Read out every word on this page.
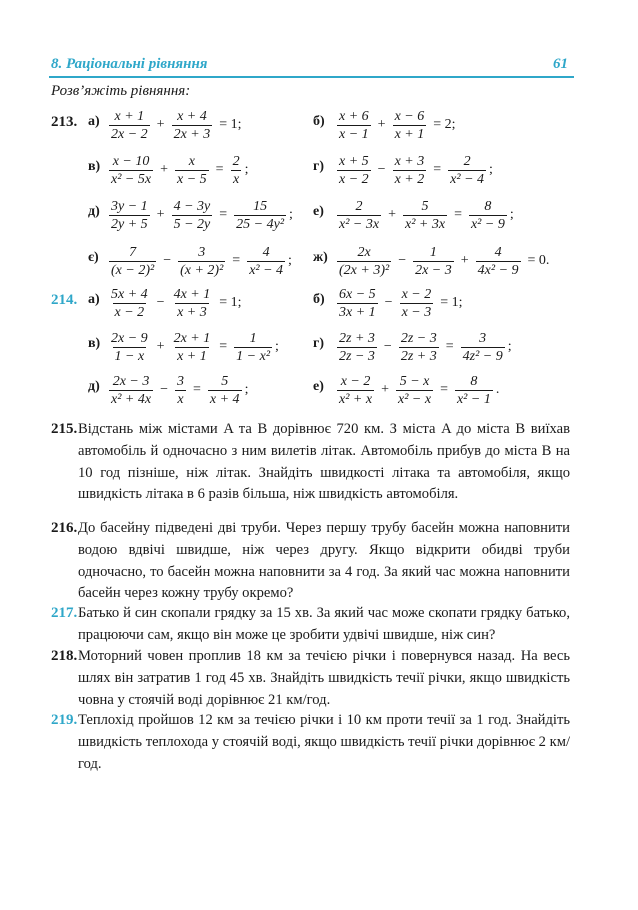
8. Раціональні рівняння	61
Розв’яжіть рівняння:
213. $а) \frac{x + 1}{2x - 2} + \frac{x + 4}{2x + 3} = 1$;	$б) \frac{x + 6}{x - 1} + \frac{x - 6}{x + 1} = 2$;
$в) \frac{x - 10}{\text{x² − 5x}} + \frac{x}{x - 5} = \frac{2}{x}$ ;	$г) \frac{x + 5}{x - 2} - \frac{x + 3}{x + 2} = \frac{2}{\text{x² − 4}}$ ;
$д) \frac{3y - 1}{2y + 5} + \frac{4 - 3y}{5 - 2y} = \frac{15}{\text{25 − 4y²}}$ ; $е) \frac{2}{\text{x² − 3x}} + \frac{5}{\text{x² + 3x}} = \frac{8}{\text{x² − 9}}$ ;
$є) \frac{7}{\text{(x − 2)²}} - \frac{3}{\text{(x + 2)²}} = \frac{4}{\text{x² − 4}}$ ; $ж) \frac{2x}{\text{(2x + 3)²}} - \frac{1}{2x - 3} + \frac{4}{\text{4x² − 9}} = 0$.
214. $а) \frac{5x + 4}{x - 2} - \frac{4x + 1}{x + 3} = 1$;	$б) \frac{6x - 5}{3x + 1} - \frac{x - 2}{x - 3} = 1$;
$в) \frac{2x - 9}{1 - x} + \frac{2x + 1}{x + 1} = \frac{1}{\text{1 − x²}}$ ; $г) \frac{2z + 3}{2z - 3} - \frac{2z - 3}{2z + 3} = \frac{3}{\text{4z² − 9}}$ ;
$д) \frac{2x - 3}{\text{x² + 4x}} - \frac{3}{x} = \frac{5}{x + 4}$ ;	$е) \frac{x - 2}{\text{x² + x}} + \frac{5 - x}{\text{x² − x}} = \frac{8}{\text{x² − 1}}$ .
215. Відстань між містами A та B дорівнює 720 км. З міста A до міста B виїхав автомобіль й одночасно з ним вилетів літак. Автомобіль прибув до міста B на 10 год пізніше, ніж літак. Знайдіть швидкості літака та автомобіля, якщо швидкість літака в 6 разів більша, ніж швидкість автомобіля.
216. До басейну підведені дві труби. Через першу трубу басейн можна наповнити водою вдвічі швидше, ніж через другу. Якщо відкрити обидві труби одночасно, то басейн можна наповнити за 4 год. За який час можна наповнити басейн через кожну трубу окремо?
217. Батько й син скопали грядку за 15 хв. За який час може скопати грядку батько, працюючи сам, якщо він може це зробити удвічі швидше, ніж син?
218. Моторний човен проплив 18 км за течією річки і повернувся назад. На весь шлях він затратив 1 год 45 хв. Знайдіть швидкість течії річки, якщо швидкість човна у стоячій воді дорівнює 21 км/год.
219. Теплохід пройшов 12 км за течією річки і 10 км проти течії за 1 год. Знайдіть швидкість теплохода у стоячій воді, якщо швидкість течії річки дорівнює 2 км/год.
